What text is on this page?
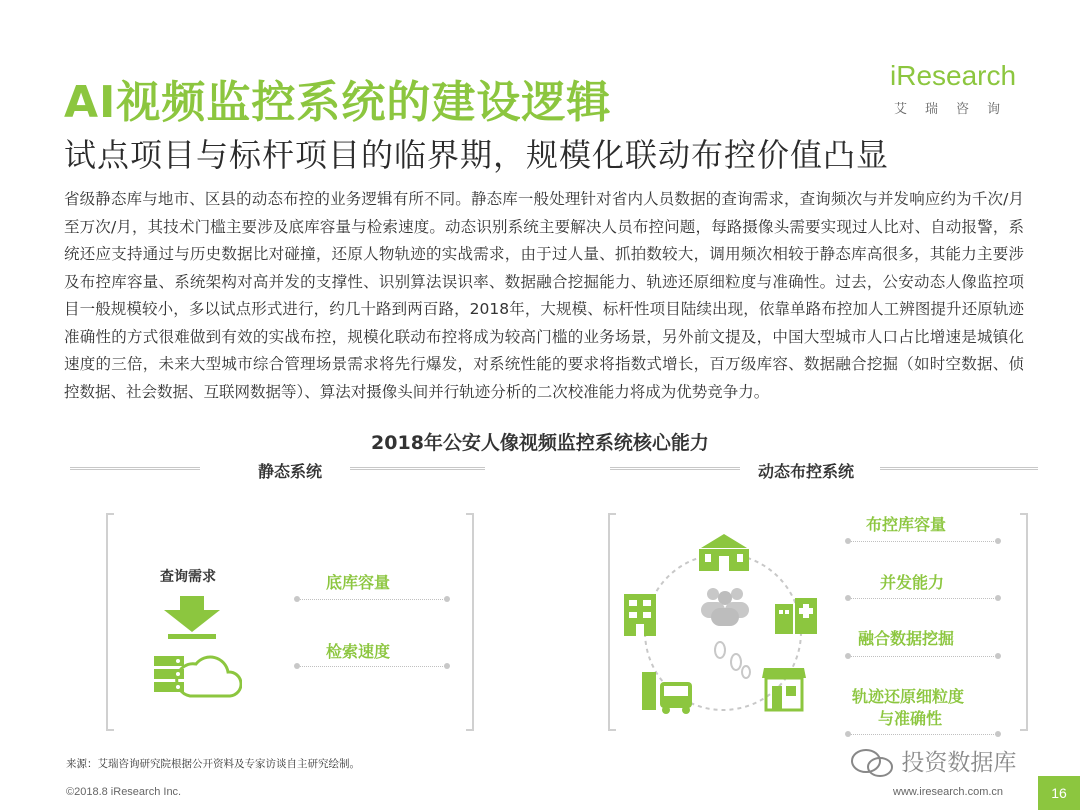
AI视频监控系统的建设逻辑
试点项目与标杆项目的临界期，规模化联动布控价值凸显
iResearch
艾瑞咨询
省级静态库与地市、区县的动态布控的业务逻辑有所不同。静态库一般处理针对省内人员数据的查询需求，查询频次与并发响应约为千次/月至万次/月，其技术门槛主要涉及底库容量与检索速度。动态识别系统主要解决人员布控问题，每路摄像头需要实现过人比对、自动报警，系统还应支持通过与历史数据比对碰撞，还原人物轨迹的实战需求，由于过人量、抓拍数较大，调用频次相较于静态库高很多，其能力主要涉及布控库容量、系统架构对高并发的支撑性、识别算法误识率、数据融合挖掘能力、轨迹还原细粒度与准确性。过去，公安动态人像监控项目一般规模较小，多以试点形式进行，约几十路到两百路，2018年，大规模、标杆性项目陆续出现，依靠单路布控加人工辨图提升还原轨迹准确性的方式很难做到有效的实战布控，规模化联动布控将成为较高门槛的业务场景，另外前文提及，中国大型城市人口占比增速是城镇化速度的三倍，未来大型城市综合管理场景需求将先行爆发，对系统性能的要求将指数式增长，百万级库容、数据融合挖掘（如时空数据、侦控数据、社会数据、互联网数据等）、算法对摄像头间并行轨迹分析的二次校准能力将成为优势竞争力。
2018年公安人像视频监控系统核心能力
静态系统	动态布控系统
查询需求	底库容量
检索速度
布控库容量
并发能力
融合数据挖掘
轨迹还原细粒度
与准确性
来源：艾瑞咨询研究院根据公开资料及专家访谈自主研究绘制。
©2018.8 iResearch Inc.	www.iresearch.com.cn	16
投资数据库
